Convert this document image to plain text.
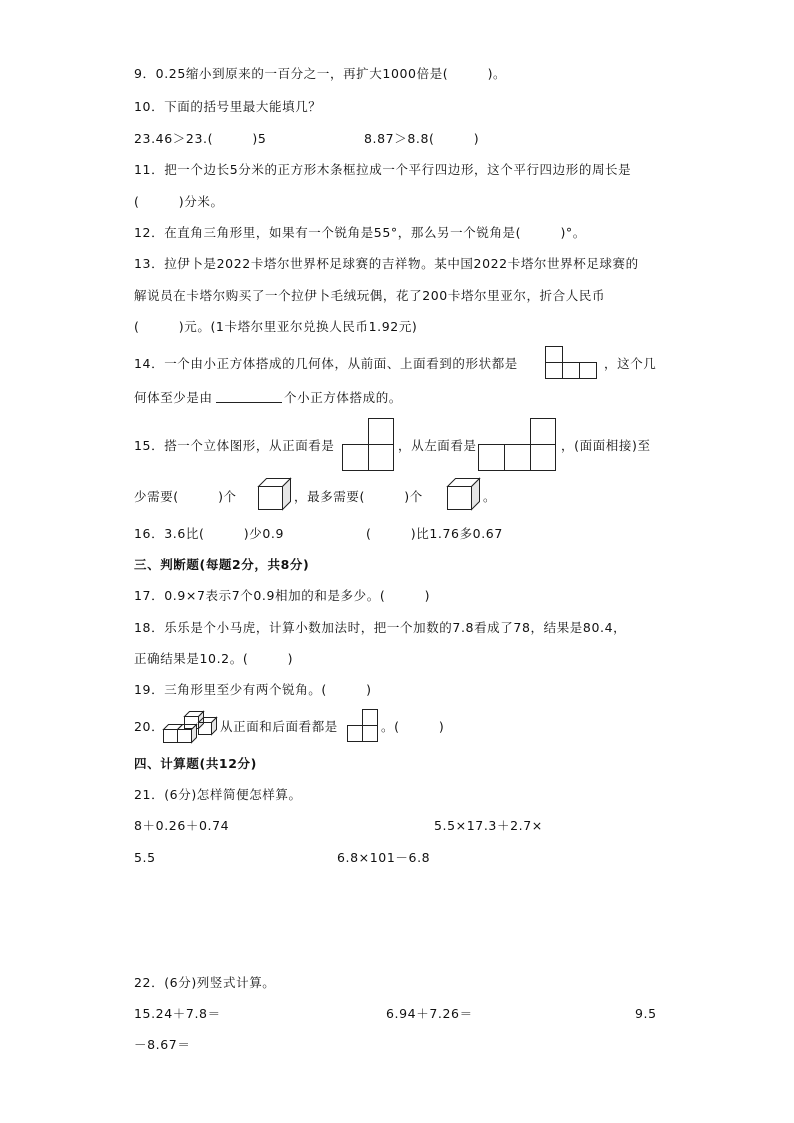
9．0.25缩小到原来的一百分之一，再扩大1000倍是(　　　)。
10．下面的括号里最大能填几？
23.46＞23.(　　　)5	8.87＞8.8(　　　)
11．把一个边长5分米的正方形木条框拉成一个平行四边形，这个平行四边形的周长是
(　　　)分米。
12．在直角三角形里，如果有一个锐角是55°，那么另一个锐角是(　　　)°。
13．拉伊卜是2022卡塔尔世界杯足球赛的吉祥物。某中国2022卡塔尔世界杯足球赛的
解说员在卡塔尔购买了一个拉伊卜毛绒玩偶，花了200卡塔尔里亚尔，折合人民币
(　　　)元。(1卡塔尔里亚尔兑换人民币1.92元)
14．一个由小正方体搭成的几何体，从前面、上面看到的形状都是	，这个几
何体至少是由	个小正方体搭成的。
15．搭一个立体图形，从正面看是	，从左面看是	，(面面相接)至
少需要(　　　)个	，最多需要(　　　)个	。
16．3.6比(　　　)少0.9	(　　　)比1.76多0.67
三、判断题(每题2分，共8分)
17．0.9×7表示7个0.9相加的和是多少。(　　　)
18．乐乐是个小马虎，计算小数加法时，把一个加数的7.8看成了78，结果是80.4，
正确结果是10.2。(　　　)
19．三角形里至少有两个锐角。(　　　)
20．	从正面和后面看都是	。(　　　)
四、计算题(共12分)
21．(6分)怎样简便怎样算。
8＋0.26＋0.74	5.5×17.3＋2.7×
5.5	6.8×101－6.8
22．(6分)列竖式计算。
15.24＋7.8＝	6.94＋7.26＝	9.5
－8.67＝
